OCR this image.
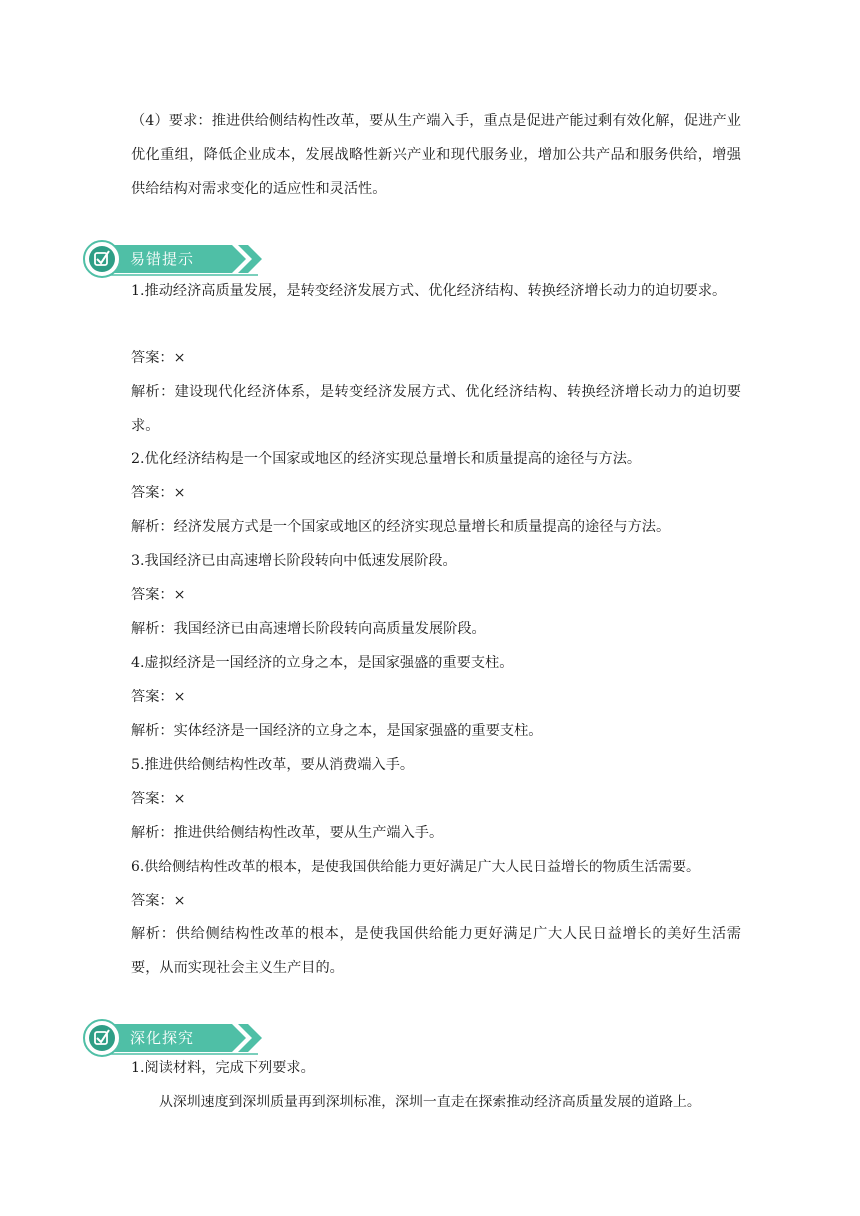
（4）要求：推进供给侧结构性改革，要从生产端入手，重点是促进产能过剩有效化解，促进产业优化重组，降低企业成本，发展战略性新兴产业和现代服务业，增加公共产品和服务供给，增强供给结构对需求变化的适应性和灵活性。

易错提示

1.推动经济高质量发展，是转变经济发展方式、优化经济结构、转换经济增长动力的迫切要求。

答案：×

解析：建设现代化经济体系，是转变经济发展方式、优化经济结构、转换经济增长动力的迫切要求。

2.优化经济结构是一个国家或地区的经济实现总量增长和质量提高的途径与方法。

答案：×

解析：经济发展方式是一个国家或地区的经济实现总量增长和质量提高的途径与方法。

3.我国经济已由高速增长阶段转向中低速发展阶段。

答案：×

解析：我国经济已由高速增长阶段转向高质量发展阶段。

4.虚拟经济是一国经济的立身之本，是国家强盛的重要支柱。

答案：×

解析：实体经济是一国经济的立身之本，是国家强盛的重要支柱。

5.推进供给侧结构性改革，要从消费端入手。

答案：×

解析：推进供给侧结构性改革，要从生产端入手。

6.供给侧结构性改革的根本，是使我国供给能力更好满足广大人民日益增长的物质生活需要。

答案：×

解析：供给侧结构性改革的根本，是使我国供给能力更好满足广大人民日益增长的美好生活需要，从而实现社会主义生产目的。

深化探究

1.阅读材料，完成下列要求。

从深圳速度到深圳质量再到深圳标准，深圳一直走在探索推动经济高质量发展的道路上。
